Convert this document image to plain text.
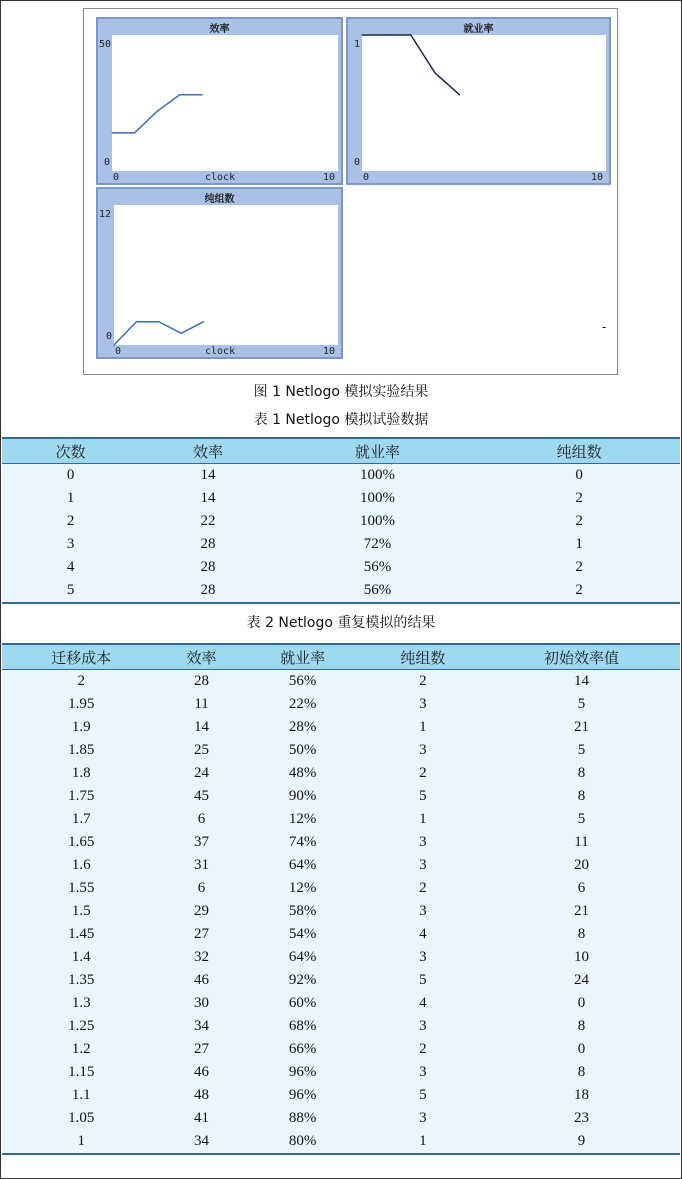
效率
50
0
0	clock	10
就业率
1
0
0	10
纯组数
12
0
0	clock	10
-
图 1 Netlogo 模拟实验结果
表 1 Netlogo 模拟试验数据
次数	效率	就业率	纯组数
0	14	100%	0
1	14	100%	2
2	22	100%	2
3	28	72%	1
4	28	56%	2
5	28	56%	2
表 2 Netlogo 重复模拟的结果
迁移成本	效率	就业率	纯组数	初始效率值
2	28	56%	2	14
1.95	11	22%	3	5
1.9	14	28%	1	21
1.85	25	50%	3	5
1.8	24	48%	2	8
1.75	45	90%	5	8
1.7	6	12%	1	5
1.65	37	74%	3	11
1.6	31	64%	3	20
1.55	6	12%	2	6
1.5	29	58%	3	21
1.45	27	54%	4	8
1.4	32	64%	3	10
1.35	46	92%	5	24
1.3	30	60%	4	0
1.25	34	68%	3	8
1.2	27	66%	2	0
1.15	46	96%	3	8
1.1	48	96%	5	18
1.05	41	88%	3	23
1	34	80%	1	9
